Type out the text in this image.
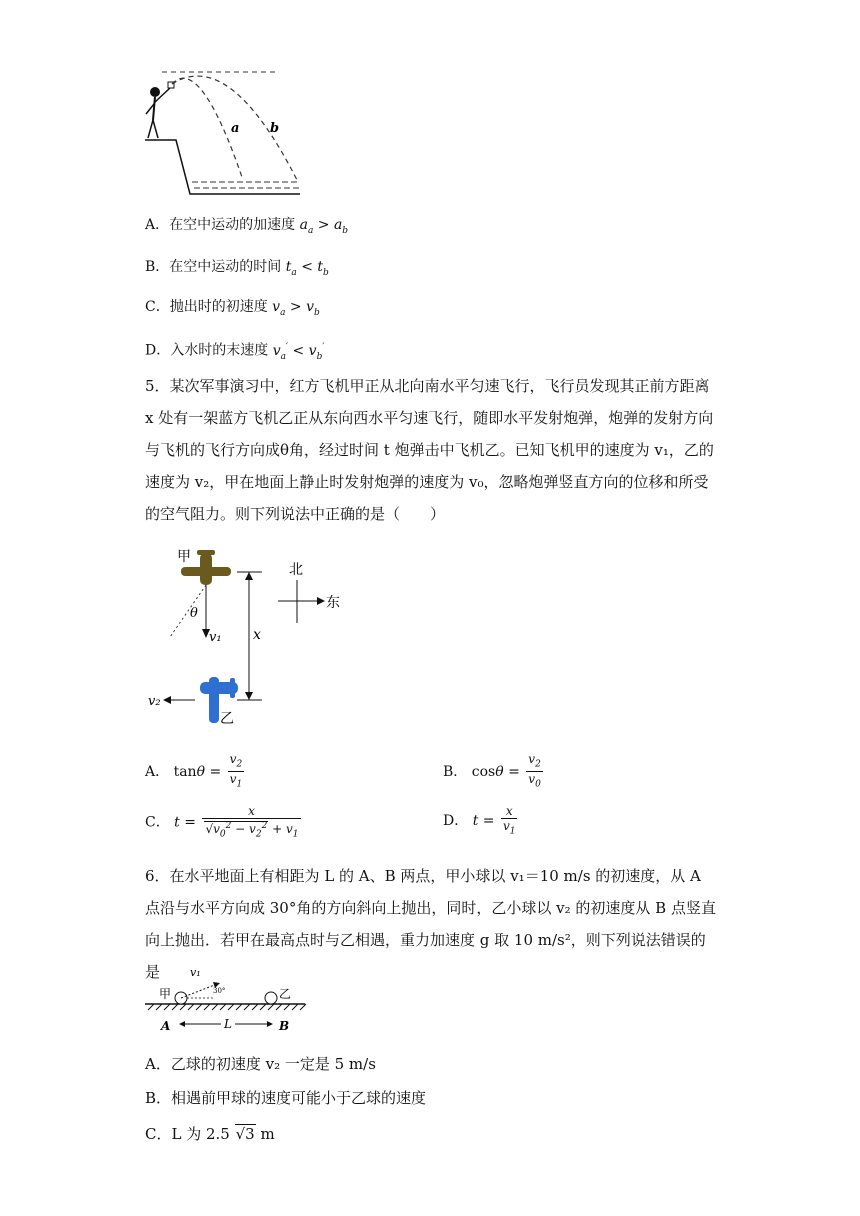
a b
A．在空中运动的加速度 $a_a > a_b$
B．在空中运动的时间 $t_a < t_b$
C．抛出时的初速度 $v_a > v_b$
D．入水时的末速度 $v_a' < v_b'$
5．某次军事演习中，红方飞机甲正从北向南水平匀速飞行，飞行员发现其正前方距离 x 处有一架蓝方飞机乙正从东向西水平匀速飞行，随即水平发射炮弹，炮弹的发射方向与飞机的飞行方向成θ角，经过时间 t 炮弹击中飞机乙。已知飞机甲的速度为 v₁，乙的速度为 v₂，甲在地面上静止时发射炮弹的速度为 v₀，忽略炮弹竖直方向的位移和所受的空气阻力。则下列说法中正确的是（　　）
甲
v₁
θ
x
北
东
乙
v₂
A． $\tan\theta = \frac{v_2}{v_1}$	B． $\cos\theta = \frac{v_2}{v_0}$
C． $t = \frac{x}{√v_0^2 - v_2^2 + v_1}$	D． $t = \frac{x}{v_1}$
6．在水平地面上有相距为 L 的 A、B 两点，甲小球以 v₁＝10 m/s 的初速度，从 A 点沿与水平方向成 30°角的方向斜向上抛出，同时，乙小球以 v₂ 的初速度从 B 点竖直向上抛出．若甲在最高点时与乙相遇，重力加速度 g 取 10 m/s²，则下列说法错误的是	v₁
30°
甲	乙
A	B
L
A．乙球的初速度 v₂ 一定是 5 m/s
B．相遇前甲球的速度可能小于乙球的速度
C．L 为 2.5 √3 m
